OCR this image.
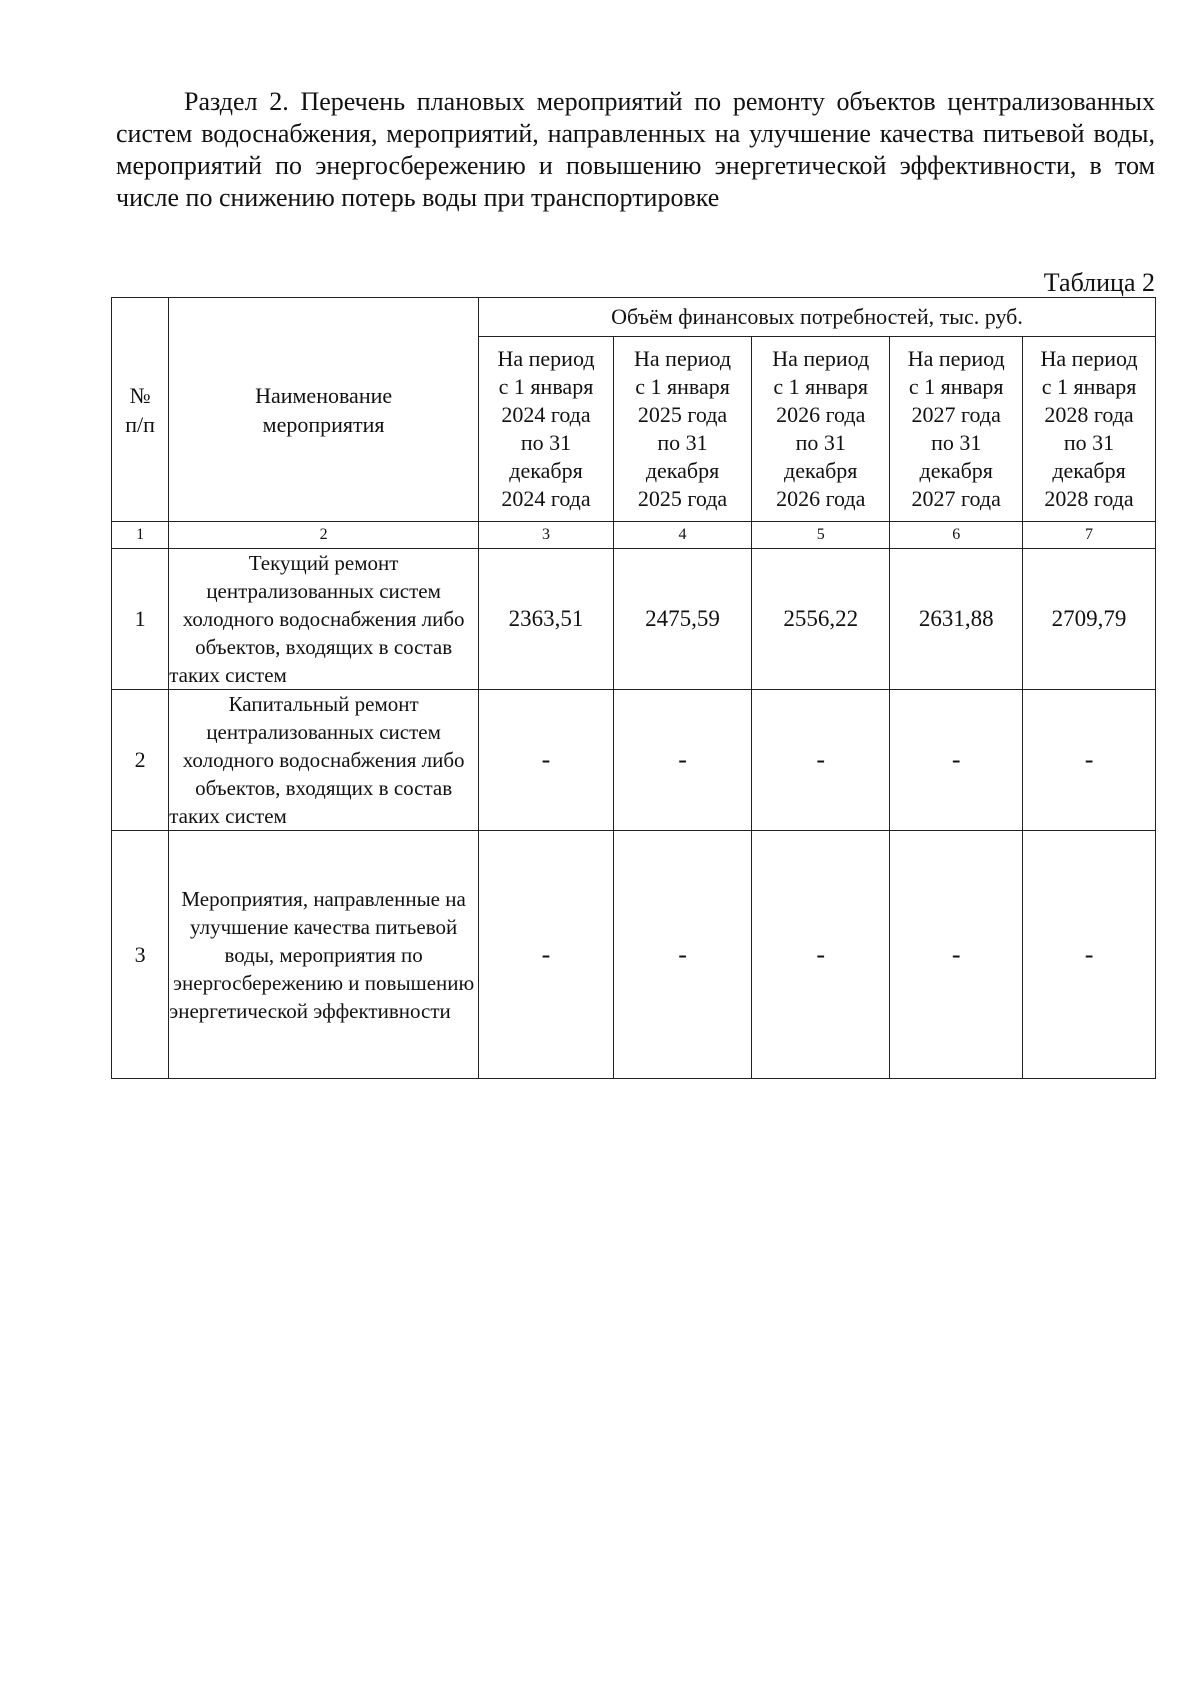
Раздел 2. Перечень плановых мероприятий по ремонту объектов централизованных систем водоснабжения, мероприятий, направленных на улучшение качества питьевой воды, мероприятий по энергосбережению и повышению энергетической эффективности, в том числе по снижению потерь воды при транспортировке

Таблица 2

№ п/п	Наименование мероприятия	Объём финансовых потребностей, тыс. руб.				
		На период с 1 января 2024 года по 31 декабря 2024 года	На период с 1 января 2025 года по 31 декабря 2025 года	На период с 1 января 2026 года по 31 декабря 2026 года	На период с 1 января 2027 года по 31 декабря 2027 года	На период с 1 января 2028 года по 31 декабря 2028 года
1	2	3	4	5	6	7
1	Текущий ремонт централизованных систем холодного водоснабжения либо объектов, входящих в состав таких систем	2363,51	2475,59	2556,22	2631,88	2709,79
2	Капитальный ремонт централизованных систем холодного водоснабжения либо объектов, входящих в состав таких систем	-	-	-	-	-
3	Мероприятия, направленные на улучшение качества питьевой воды, мероприятия по энергосбережению и повышению энергетической эффективности	-	-	-	-	-
